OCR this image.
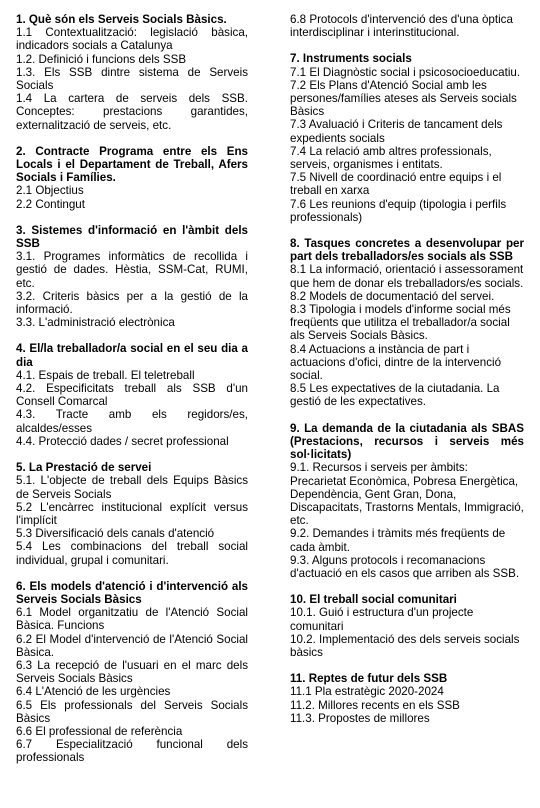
1. Què són els Serveis Socials Bàsics.

1.1 Contextualització: legislació bàsica, indicadors socials a Catalunya

1.2. Definició i funcions dels SSB

1.3. Els SSB dintre sistema de Serveis Socials

1.4 La cartera de serveis dels SSB. Conceptes: prestacions garantides, externalització de serveis, etc.

2. Contracte Programa entre els Ens Locals i el Departament de Treball, Afers Socials i Famílies.

2.1 Objectius

2.2 Contingut

3. Sistemes d'informació en l'àmbit dels SSB

3.1. Programes informàtics de recollida i gestió de dades. Hèstia, SSM-Cat, RUMI, etc.

3.2. Criteris bàsics per a la gestió de la informació.

3.3. L'administració electrònica

4. El/la treballador/a social en el seu dia a dia

4.1. Espais de treball. El teletreball

4.2. Especificitats treball als SSB d'un Consell Comarcal

4.3. Tracte amb els regidors/es, alcaldes/esses

4.4. Protecció dades / secret professional

5. La Prestació de servei

5.1. L'objecte de treball dels Equips Bàsics de Serveis Socials

5.2 L'encàrrec institucional explícit versus l'implícit

5.3 Diversificació dels canals d'atenció

5.4 Les combinacions del treball social individual, grupal i comunitari.

6. Els models d'atenció i d'intervenció als Serveis Socials Bàsics

6.1 Model organitzatiu de l'Atenció Social Bàsica. Funcions

6.2 El Model d'intervenció de l'Atenció Social Bàsica.

6.3 La recepció de l'usuari en el marc dels Serveis Socials Bàsics

6.4 L'Atenció de les urgències

6.5 Els professionals del Serveis Socials Bàsics

6.6 El professional de referència

6.7 Especialització funcional dels professionals

6.8 Protocols d'intervenció des d'una òptica interdisciplinar i interinstitucional.

7. Instruments socials

7.1 El Diagnòstic social i psicosocioeducatiu.

7.2 Els Plans d'Atenció Social amb les persones/famílies ateses als Serveis socials Bàsics

7.3 Avaluació i Criteris de tancament dels expedients socials

7.4 La relació amb altres professionals, serveis, organismes i entitats.

7.5 Nivell de coordinació entre equips i el treball en xarxa

7.6 Les reunions d'equip (tipologia i perfils professionals)

8. Tasques concretes a desenvolupar per part dels treballadors/es socials als SSB

8.1 La informació, orientació i assessorament que hem de donar els treballadors/es socials.

8.2 Models de documentació del servei.

8.3 Tipologia i models d'informe social més freqüents que utilitza el treballador/a social als Serveis Socials Bàsics.

8.4 Actuacions a instància de part i actuacions d'ofici, dintre de la intervenció social.

8.5 Les expectatives de la ciutadania. La gestió de les expectatives.

9. La demanda de la ciutadania als SBAS (Prestacions, recursos i serveis més sol·licitats)

9.1. Recursos i serveis per àmbits: Precarietat Econòmica, Pobresa Energètica, Dependència, Gent Gran, Dona, Discapacitats, Trastorns Mentals, Immigració, etc.

9.2. Demandes i tràmits més freqüents de cada àmbit.

9.3. Alguns protocols i recomanacions d'actuació en els casos que arriben als SSB.

10. El treball social comunitari

10.1. Guió i estructura d'un projecte comunitari

10.2. Implementació des dels serveis socials bàsics

11. Reptes de futur dels SSB

11.1 Pla estratègic 2020-2024

11.2. Millores recents en els SSB

11.3. Propostes de millores
